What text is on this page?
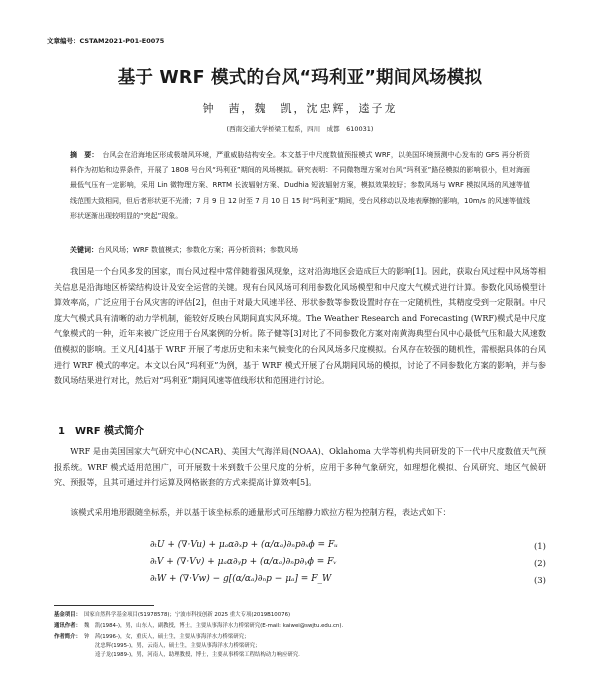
文章编号：CSTAM2021-P01-E0075
基于 WRF 模式的台风“玛利亚”期间风场模拟
钟　茜，魏　凯，沈忠辉，逵子龙
(西南交通大学桥梁工程系，四川　成都　610031)
摘　要： 台风会在沿海地区形成极端风环境，严重威胁结构安全。本文基于中尺度数值预报模式 WRF，以美国环境预测中心发布的 GFS 再分析资料作为初始和边界条件，开展了 1808 号台风“玛利亚”期间的风场模拟。研究表明：不同微物理方案对台风“玛利亚”路径模拟的影响很小，但对海面最低气压有一定影响，采用 Lin 微物理方案、RRTM 长波辐射方案、Dudhia 短波辐射方案，模拟效果较好；参数风场与 WRF 模拟风场的风速等值线范围大致相同，但后者形状更不光滑；7 月 9 日 12 时至 7 月 10 日 15 时“玛利亚”期间，受台风移动以及地表摩擦的影响，10m/s 的风速等值线形状逐渐出现较明显的“突起”现象。
关键词：台风风场；WRF 数值模式；参数化方案；再分析资料；参数风场

我国是一个台风多发的国家，而台风过程中常伴随着强风现象，这对沿海地区会造成巨大的影响[1]。因此，获取台风过程中风场等相关信息是沿海地区桥梁结构设计及安全运营的关键。现有台风风场可利用参数化风场模型和中尺度大气模式进行计算。参数化风场模型计算效率高，广泛应用于台风灾害的评估[2]，但由于对最大风速半径、形状参数等参数设置时存在一定随机性，其精度受到一定限制。中尺度大气模式具有清晰的动力学机制，能较好反映台风期间真实风环境。The Weather Research and Forecasting (WRF)模式是中尺度气象模式的一种，近年来被广泛应用于台风案例的分析。陈子健等[3]对比了不同参数化方案对南黄海典型台风中心最低气压和最大风速数值模拟的影响。王义凡[4]基于 WRF 开展了考虑历史和未来气候变化的台风风场多尺度模拟。台风存在较强的随机性，需根据具体的台风进行 WRF 模式的率定。本文以台风“玛利亚”为例，基于 WRF 模式开展了台风期间风场的模拟，讨论了不同参数化方案的影响，并与参数风场结果进行对比，然后对“玛利亚”期间风速等值线形状和范围进行讨论。

1 WRF 模式简介

WRF 是由美国国家大气研究中心(NCAR)、美国大气海洋局(NOAA)、Oklahoma 大学等机构共同研发的下一代中尺度数值天气预报系统。WRF 模式适用范围广，可开展数十米到数千公里尺度的分析，应用于多种气象研究，如理想化模拟、台风研究、地区气候研究、预报等，且其可通过并行运算及网格嵌套的方式来提高计算效率[5]。

该模式采用地形跟随坐标系，并以基于该坐标系的通量形式可压缩静力欧拉方程为控制方程，表达式如下：

∂ₜU + (∇·Vu) + μₐα∂ₓp + (α/αₐ)∂ₙp∂ₓϕ = Fᵤ	(1)
∂ₜV + (∇·Vv) + μₐα∂ᵧp + (α/αₐ)∂ₙp∂ᵧϕ = Fᵥ	(2)
∂ₜW + (∇·Vw) − g[(α/αₐ)∂ₙp − μₐ] = F_W	(3)
基金项目： 国家自然科学基金项目(51978578)；宁波市科技创新 2025 重大专项(2019B10076)
通讯作者： 魏　凯(1984-)，男，山东人，副教授，博士，主要从事海洋水力桥梁研究(E-mail: kaiwei@swjtu.edu.cn).
作者简介： 钟　茜(1996-)，女，重庆人，硕士生，主要从事海洋水力桥梁研究；
沈忠辉(1995-)，男，云南人，硕士生，主要从事海洋水力桥梁研究；
逵子龙(1989-)，男，河南人，助理教授，博士，主要从事桥梁工程结构动力响应研究.
